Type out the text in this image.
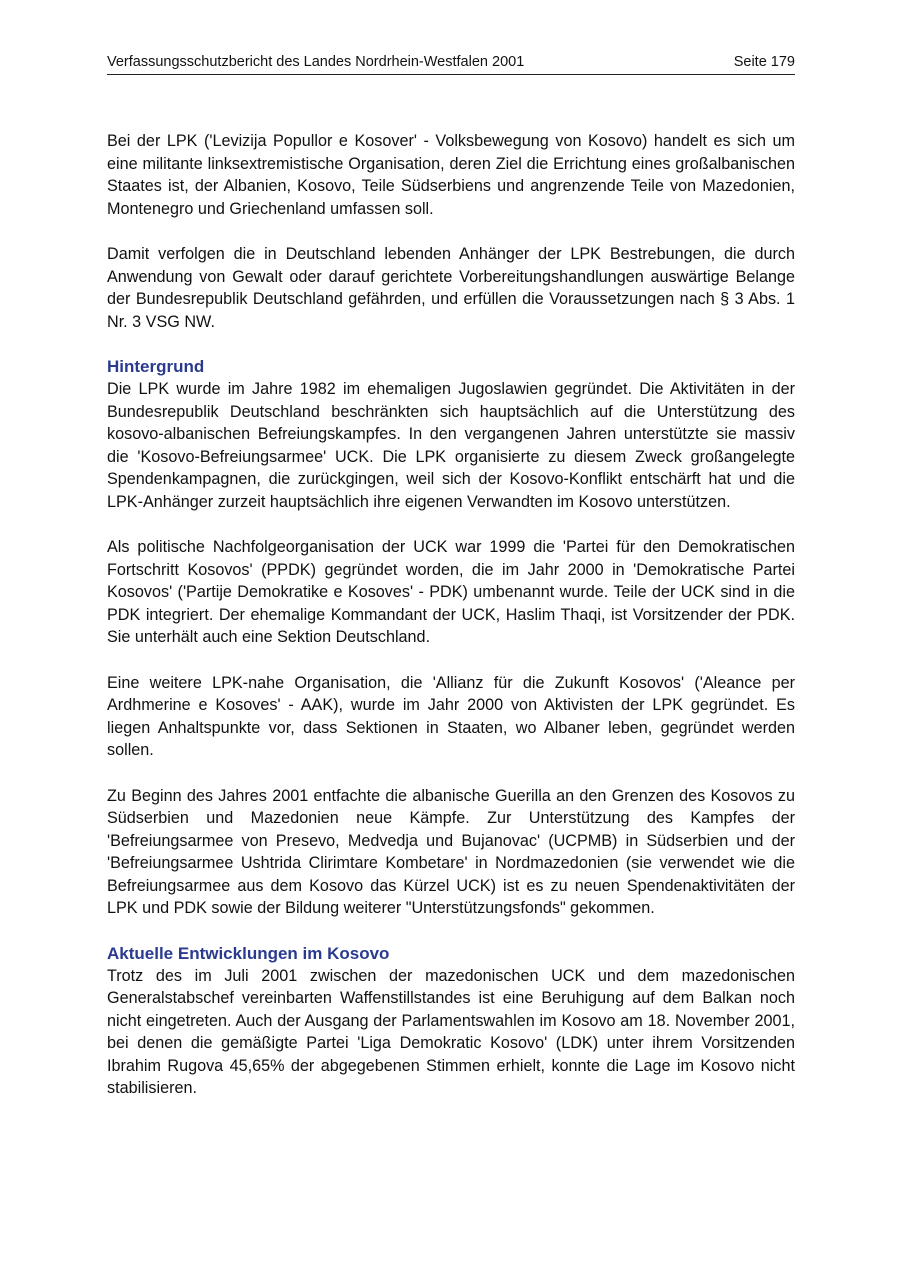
Verfassungsschutzbericht des Landes Nordrhein-Westfalen 2001	Seite 179

Bei der LPK ('Levizija Popullor e Kosover' - Volksbewegung von Kosovo) handelt es sich um eine militante linksextremistische Organisation, deren Ziel die Errichtung eines großalbanischen Staates ist, der Albanien, Kosovo, Teile Südserbiens und angrenzende Teile von Mazedonien, Montenegro und Griechenland umfassen soll.

Damit verfolgen die in Deutschland lebenden Anhänger der LPK Bestrebungen, die durch Anwendung von Gewalt oder darauf gerichtete Vorbereitungshandlungen auswärtige Belange der Bundesrepublik Deutschland gefährden, und erfüllen die Voraussetzungen nach § 3 Abs. 1 Nr. 3 VSG NW.

Hintergrund

Die LPK wurde im Jahre 1982 im ehemaligen Jugoslawien gegründet. Die Aktivitäten in der Bundesrepublik Deutschland beschränkten sich hauptsächlich auf die Unterstützung des kosovo-albanischen Befreiungskampfes. In den vergangenen Jahren unterstützte sie massiv die 'Kosovo-Befreiungsarmee' UCK. Die LPK organisierte zu diesem Zweck großangelegte Spendenkampagnen, die zurückgingen, weil sich der Kosovo-Konflikt entschärft hat und die LPK-Anhänger zurzeit hauptsächlich ihre eigenen Verwandten im Kosovo unterstützen.

Als politische Nachfolgeorganisation der UCK war 1999 die 'Partei für den Demokratischen Fortschritt Kosovos' (PPDK) gegründet worden, die im Jahr 2000 in 'Demokratische Partei Kosovos' ('Partije Demokratike e Kosoves' - PDK) umbenannt wurde. Teile der UCK sind in die PDK integriert. Der ehemalige Kommandant der UCK, Haslim Thaqi, ist Vorsitzender der PDK. Sie unterhält auch eine Sektion Deutschland.

Eine weitere LPK-nahe Organisation, die 'Allianz für die Zukunft Kosovos' ('Aleance per Ardhmerine e Kosoves' - AAK), wurde im Jahr 2000 von Aktivisten der LPK gegründet. Es liegen Anhaltspunkte vor, dass Sektionen in Staaten, wo Albaner leben, gegründet werden sollen.

Zu Beginn des Jahres 2001 entfachte die albanische Guerilla an den Grenzen des Kosovos zu Südserbien und Mazedonien neue Kämpfe. Zur Unterstützung des Kampfes der 'Befreiungsarmee von Presevo, Medvedja und Bujanovac' (UCPMB) in Südserbien und der 'Befreiungsarmee Ushtrida Clirimtare Kombetare' in Nordmazedonien (sie verwendet wie die Befreiungsarmee aus dem Kosovo das Kürzel UCK) ist es zu neuen Spendenaktivitäten der LPK und PDK sowie der Bildung weiterer "Unterstützungsfonds" gekommen.

Aktuelle Entwicklungen im Kosovo

Trotz des im Juli 2001 zwischen der mazedonischen UCK und dem mazedonischen Generalstabschef vereinbarten Waffenstillstandes ist eine Beruhigung auf dem Balkan noch nicht eingetreten. Auch der Ausgang der Parlamentswahlen im Kosovo am 18. November 2001, bei denen die gemäßigte Partei 'Liga Demokratic Kosovo' (LDK) unter ihrem Vorsitzenden Ibrahim Rugova 45,65% der abgegebenen Stimmen erhielt, konnte die Lage im Kosovo nicht stabilisieren.
